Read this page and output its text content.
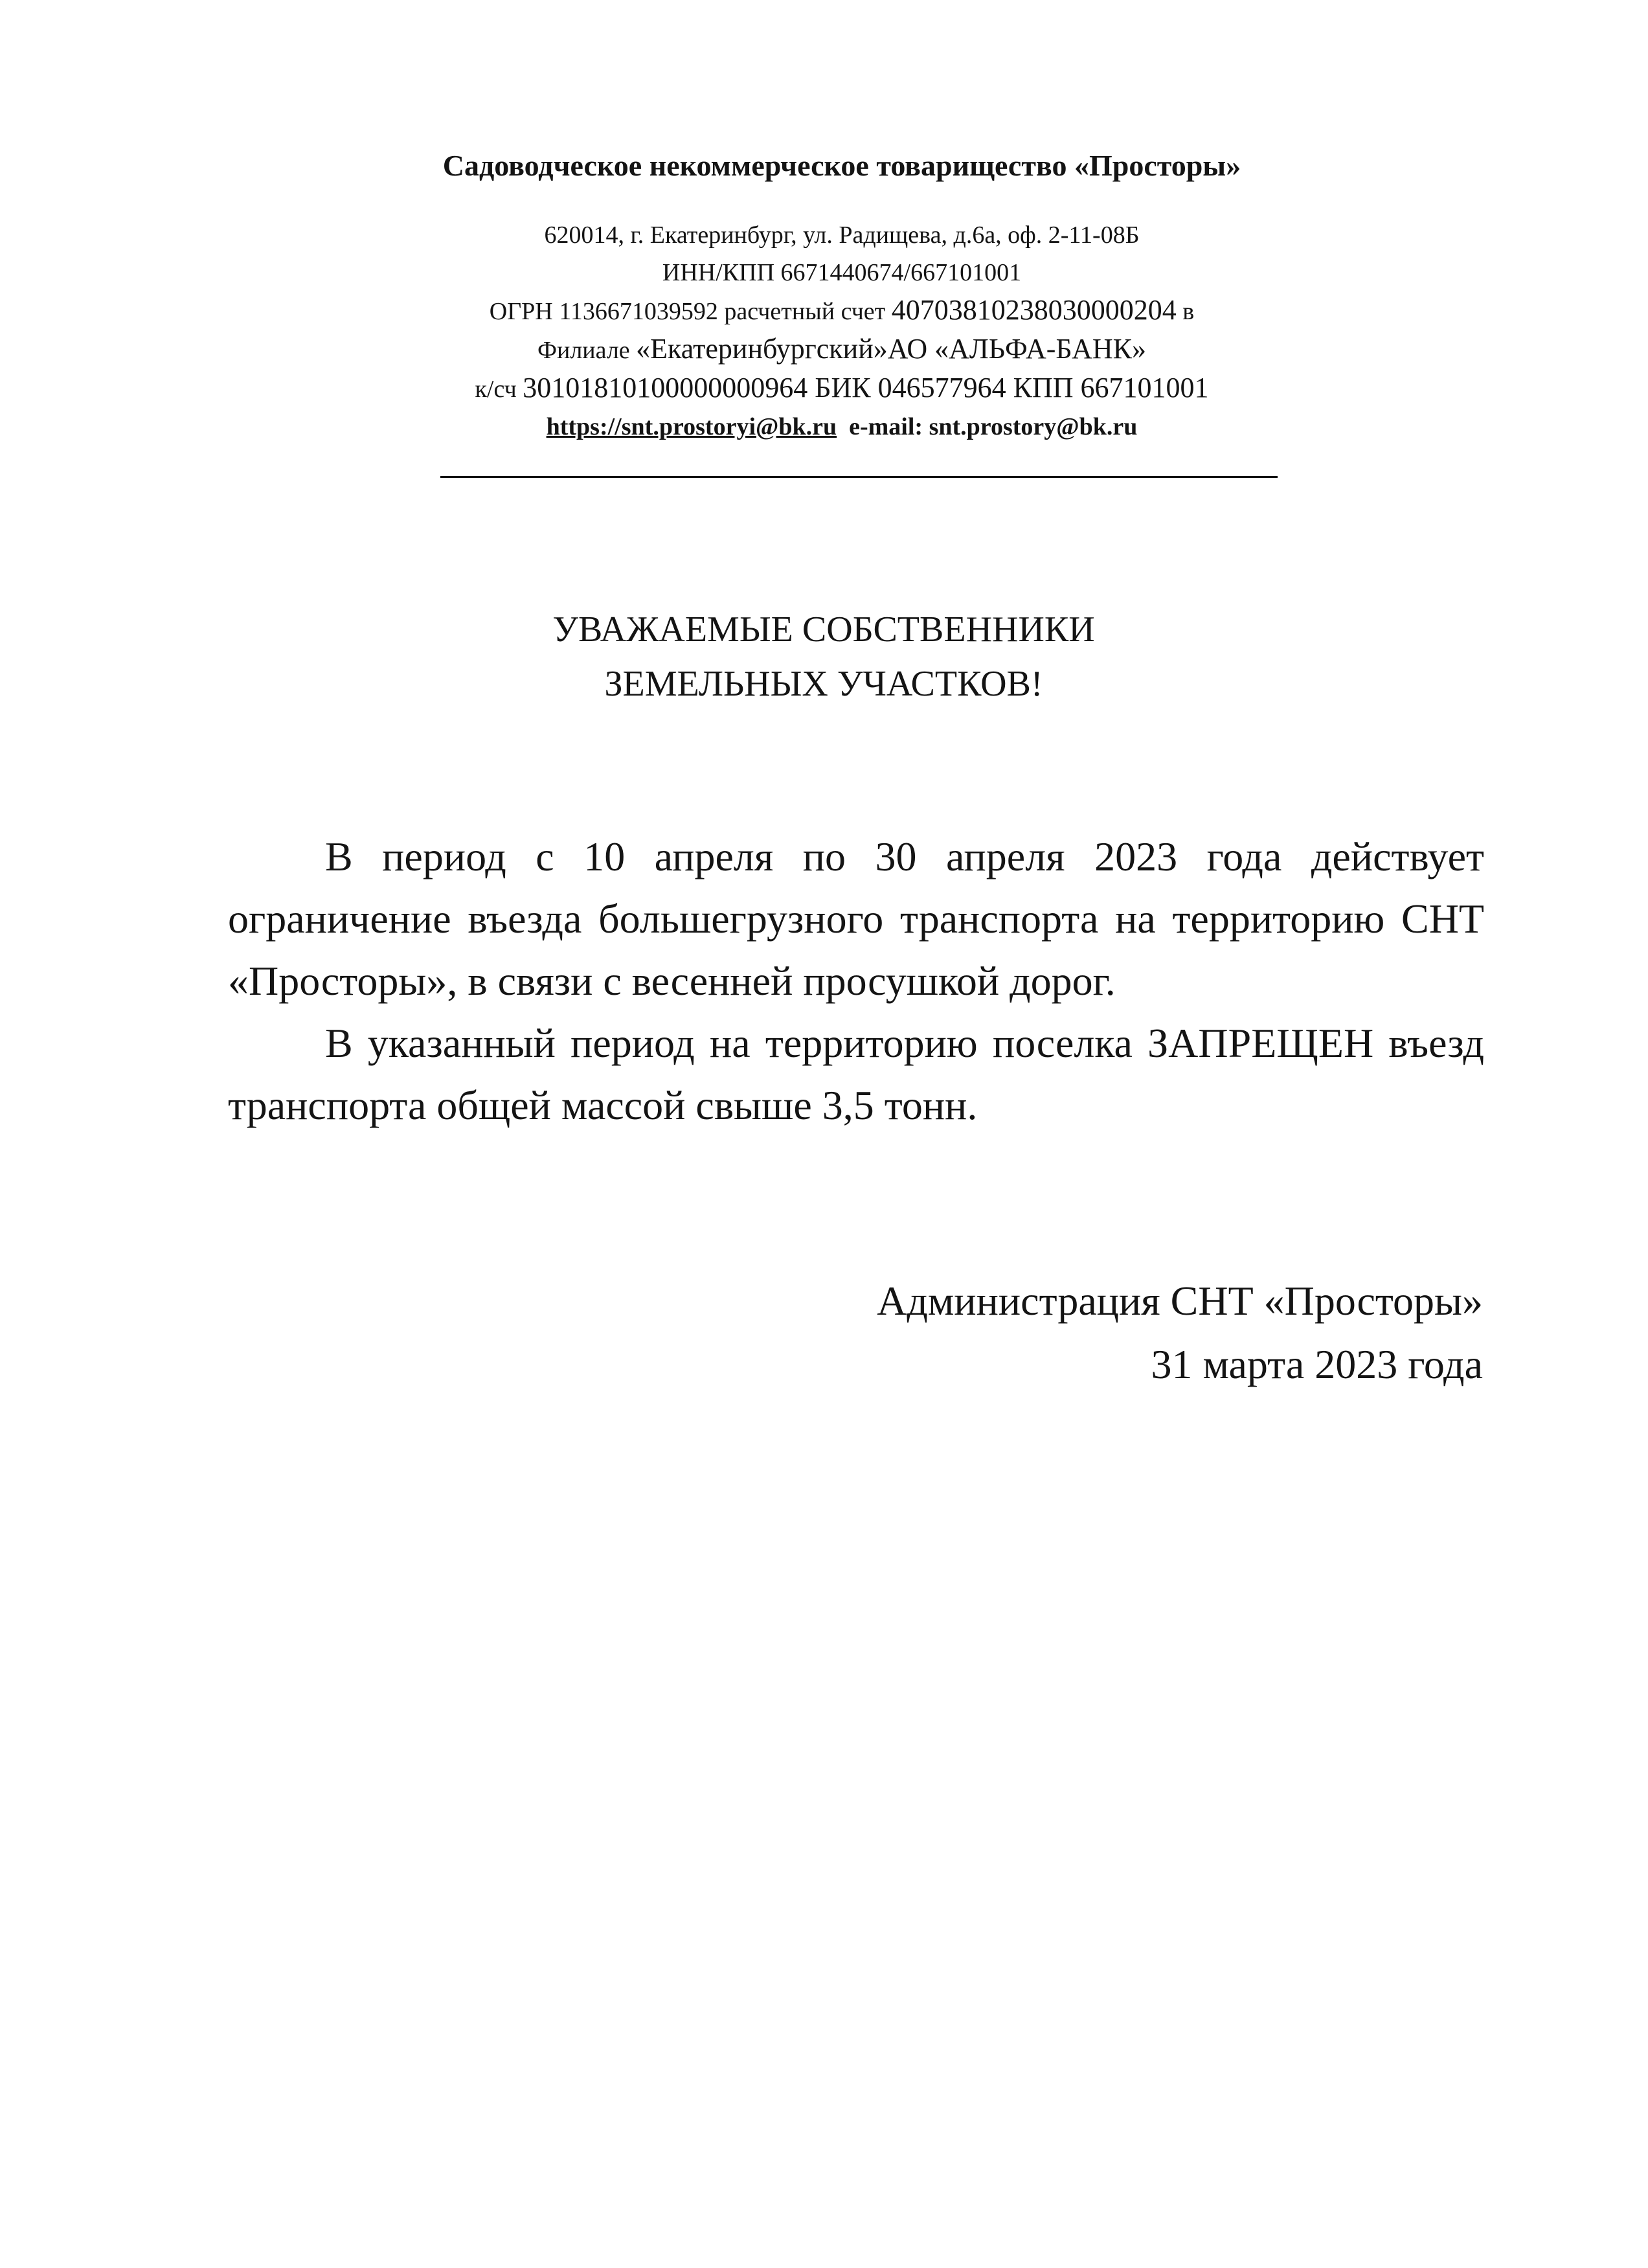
Садоводческое некоммерческое товарищество «Просторы»

620014, г. Екатеринбург, ул. Радищева, д.6а, оф. 2-11-08Б
ИНН/КПП 6671440674/667101001
ОГРН 1136671039592 расчетный счет 40703810238030000204 в
Филиале «Екатеринбургский»АО «АЛЬФА-БАНК»
к/сч 30101810100000000964 БИК 046577964 КПП 667101001
https://snt.prostoryi@bk.ru e-mail: snt.prostory@bk.ru
УВАЖАЕМЫЕ СОБСТВЕННИКИ
ЗЕМЕЛЬНЫХ УЧАСТКОВ!

В период с 10 апреля по 30 апреля 2023 года действует ограничение въезда большегрузного транспорта на территорию СНТ «Просторы», в связи с весенней просушкой дорог.

В указанный период на территорию поселка ЗАПРЕЩЕН въезд транспорта общей массой свыше 3,5 тонн.

Администрация СНТ «Просторы»
31 марта 2023 года
